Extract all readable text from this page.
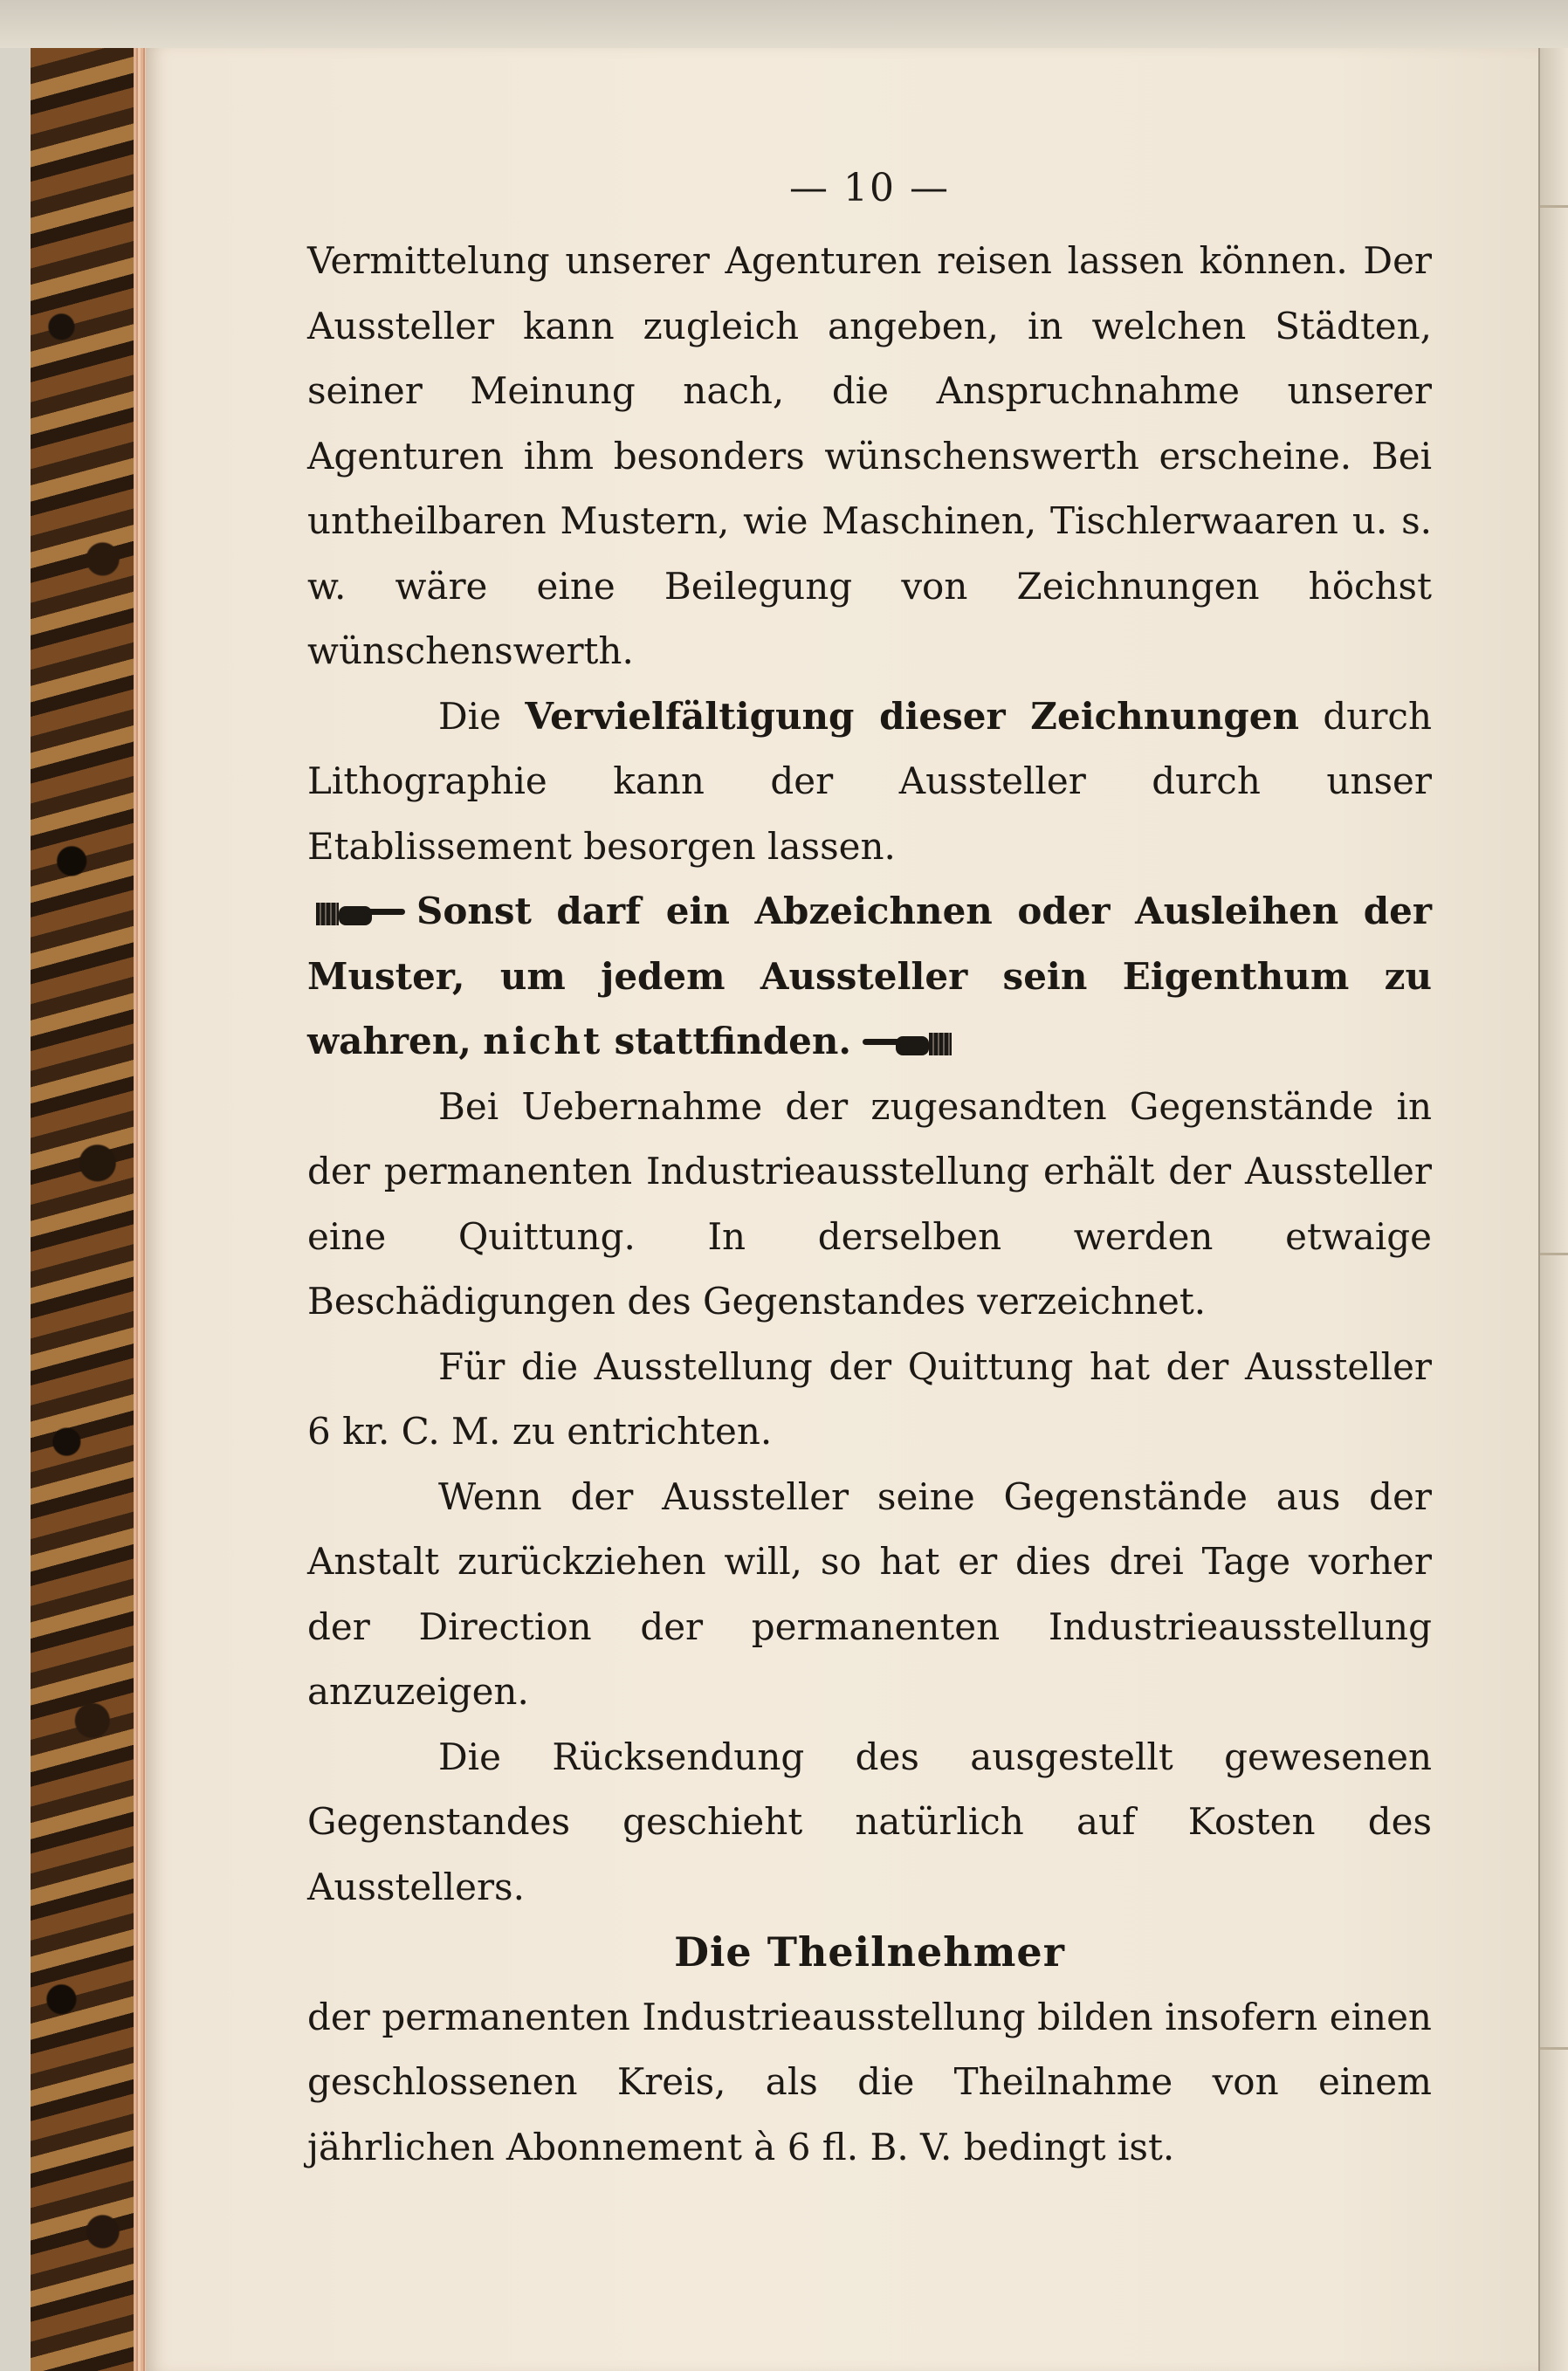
— 10 —

Vermittelung unserer Agenturen reisen lassen können. Der Aussteller kann zugleich angeben, in welchen Städten, seiner Meinung nach, die Anspruchnahme unserer Agenturen ihm besonders wünschenswerth erscheine. Bei untheilbaren Mustern, wie Maschinen, Tischlerwaaren u. s. w. wäre eine Beilegung von Zeichnungen höchst wünschenswerth.

Die Vervielfältigung dieser Zeichnungen durch Lithographie kann der Aussteller durch unser Etablissement besorgen lassen.

Sonst darf ein Abzeichnen oder Ausleihen der Muster, um jedem Aussteller sein Eigenthum zu wahren, nicht stattfinden.

Bei Uebernahme der zugesandten Gegenstände in der permanenten Industrieausstellung erhält der Aussteller eine Quittung. In derselben werden etwaige Beschädigungen des Gegenstandes verzeichnet.

Für die Ausstellung der Quittung hat der Aussteller 6 kr. C. M. zu entrichten.

Wenn der Aussteller seine Gegenstände aus der Anstalt zurückziehen will, so hat er dies drei Tage vorher der Direction der permanenten Industrieausstellung anzuzeigen.

Die Rücksendung des ausgestellt gewesenen Gegenstandes geschieht natürlich auf Kosten des Ausstellers.

Die Theilnehmer

der permanenten Industrieausstellung bilden insofern einen geschlossenen Kreis, als die Theilnahme von einem jährlichen Abonnement à 6 fl. B. V. bedingt ist.
